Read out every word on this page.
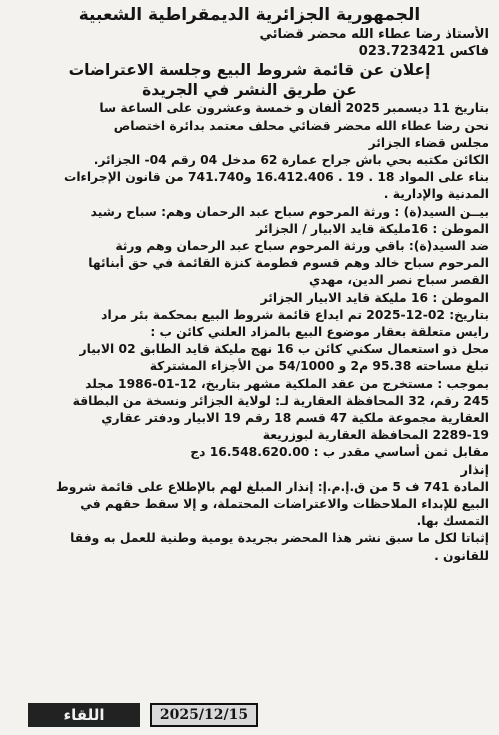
الجمهورية الجزائرية الديمقراطية الشعبية
الأستاذ رضا عطاء الله محضر قضائي
فاكس 023.723421
إعلان عن قائمة شروط البيع وجلسة الاعتراضات
عن طريق النشر في الجريدة
بتاريخ 11 ديسمبر 2025 ألفان و خمسة وعشرون على الساعة سا
نحن رضا عطاء الله محضر قضائي محلف معتمد بدائرة اختصاص
مجلس قضاء الجزائر
الكائن مكتبه بحي باش جراح عمارة 62 مدخل 04 رقم 04- الجزائر.
بناء على المواد 18 . 19 . 16.412.406 و741.740 من قانون الإجراءات
المدنية والإدارية .
بيــن السيد(ة) : ورثة المرحوم سباح عبد الرحمان وهم: سباح رشيد
الموطن : 16مليكة قايد الابيار / الجزائر
ضد السيد(ة): باقي ورثة المرحوم سباح عبد الرحمان وهم ورثة
المرحوم سباح خالد وهم قسوم فطومة كنزة القائمة في حق أبنائها
القصر سباح نصر الدين، مهدي
الموطن : 16 مليكة قايد الابيار الجزائر
بتاريخ: 02-12-2025 تم ايداع قائمة شروط البيع بمحكمة بئر مراد
رايس متعلقة بعقار موضوع البيع بالمزاد العلني كائن ب :
محل ذو استعمال سكني كائن ب 16 نهج مليكة قايد الطابق 02 الابيار
تبلغ مساحته 95.38 م2 و 54/1000 من الأجزاء المشتركة
بموجب : مستخرج من عقد الملكية مشهر بتاريخ، 12-01-1986 مجلد
245 رقم، 32 المحافظة العقارية لـ: لولاية الجزائر ونسخة من البطاقة
العقارية مجموعة ملكية 47 قسم 18 رقم 19 الابيار ودفتر عقاري
2289-19 المحافظة العقارية لبوزريعة
مقابل ثمن أساسي مقدر ب : 16.548.620.00 دج
إنذار
المادة 741 ف 5 من ق.إ.م.إ: إنذار المبلغ لهم بالإطلاع على قائمة شروط
البيع للإبداء الملاحظات والاعتراضات المحتملة، و إلا سقط حقهم في
التمسك بها.
إثباتا لكل ما سبق نشر هذا المحضر بجريدة يومية وطنية للعمل به وفقا
للقانون .
اللقاء	2025/12/15
